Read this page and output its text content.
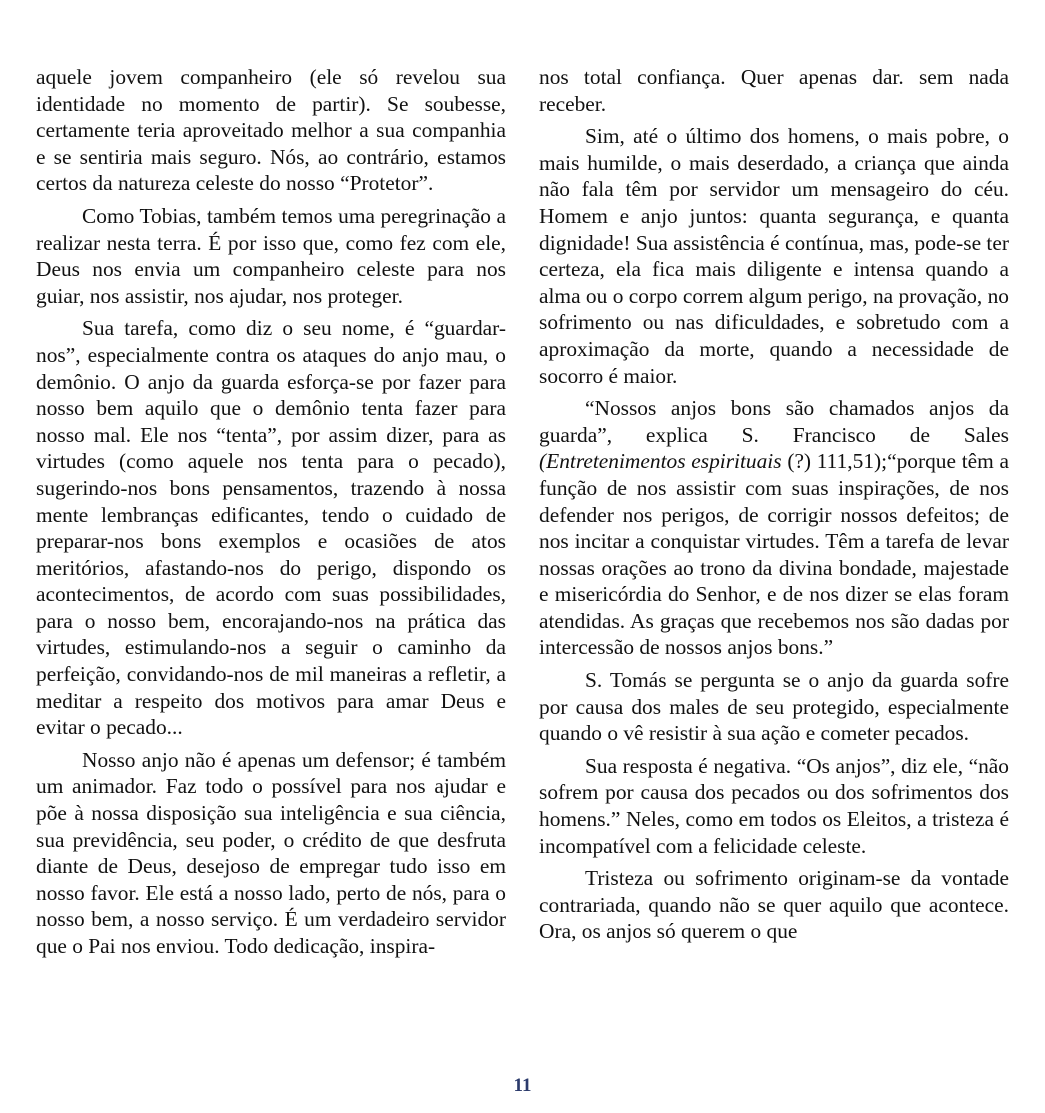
aquele jovem companheiro (ele só revelou sua identidade no momento de partir). Se soubesse, certamente teria aproveitado melhor a sua companhia e se sentiria mais seguro. Nós, ao contrário, estamos certos da natureza celeste do nosso “Protetor”.

Como Tobias, também temos uma peregrinação a realizar nesta terra. É por isso que, como fez com ele, Deus nos envia um companheiro celeste para nos guiar, nos assistir, nos ajudar, nos proteger.

Sua tarefa, como diz o seu nome, é “guardar-nos”, especialmente contra os ataques do anjo mau, o demônio. O anjo da guarda esforça-se por fazer para nosso bem aquilo que o demônio tenta fazer para nosso mal. Ele nos “tenta”, por assim dizer, para as virtudes (como aquele nos tenta para o pecado), sugerindo-nos bons pensamentos, trazendo à nossa mente lembranças edificantes, tendo o cuidado de preparar-nos bons exemplos e ocasiões de atos meritórios, afastando-nos do perigo, dispondo os acontecimentos, de acordo com suas possibilidades, para o nosso bem, encorajando-nos na prática das virtudes, estimulando-nos a seguir o caminho da perfeição, convidando-nos de mil maneiras a refletir, a meditar a respeito dos motivos para amar Deus e evitar o pecado...

Nosso anjo não é apenas um defensor; é também um animador. Faz todo o possível para nos ajudar e põe à nossa disposição sua inteligência e sua ciência, sua previdência, seu poder, o crédito de que desfruta diante de Deus, desejoso de empregar tudo isso em nosso favor. Ele está a nosso lado, perto de nós, para o nosso bem, a nosso serviço. É um verdadeiro servidor que o Pai nos enviou. Todo dedicação, inspira-

nos total confiança. Quer apenas dar. sem nada receber.

Sim, até o último dos homens, o mais pobre, o mais humilde, o mais deserdado, a criança que ainda não fala têm por servidor um mensageiro do céu. Homem e anjo juntos: quanta segurança, e quanta dignidade! Sua assistência é contínua, mas, pode-se ter certeza, ela fica mais diligente e intensa quando a alma ou o corpo correm algum perigo, na provação, no sofrimento ou nas dificuldades, e sobretudo com a aproximação da morte, quando a necessidade de socorro é maior.

“Nossos anjos bons são chamados anjos da guarda”, explica S. Francisco de Sales (Entretenimentos espirituais (?) 111,51);“porque têm a função de nos assistir com suas inspirações, de nos defender nos perigos, de corrigir nossos defeitos; de nos incitar a conquistar virtudes. Têm a tarefa de levar nossas orações ao trono da divina bondade, majestade e misericórdia do Senhor, e de nos dizer se elas foram atendidas. As graças que recebemos nos são dadas por intercessão de nossos anjos bons.”

S. Tomás se pergunta se o anjo da guarda sofre por causa dos males de seu protegido, especialmente quando o vê resistir à sua ação e cometer pecados.

Sua resposta é negativa. “Os anjos”, diz ele, “não sofrem por causa dos pecados ou dos sofrimentos dos homens.” Neles, como em todos os Eleitos, a tristeza é incompatível com a felicidade celeste.

Tristeza ou sofrimento originam-se da vontade contrariada, quando não se quer aquilo que acontece. Ora, os anjos só querem o que

11
